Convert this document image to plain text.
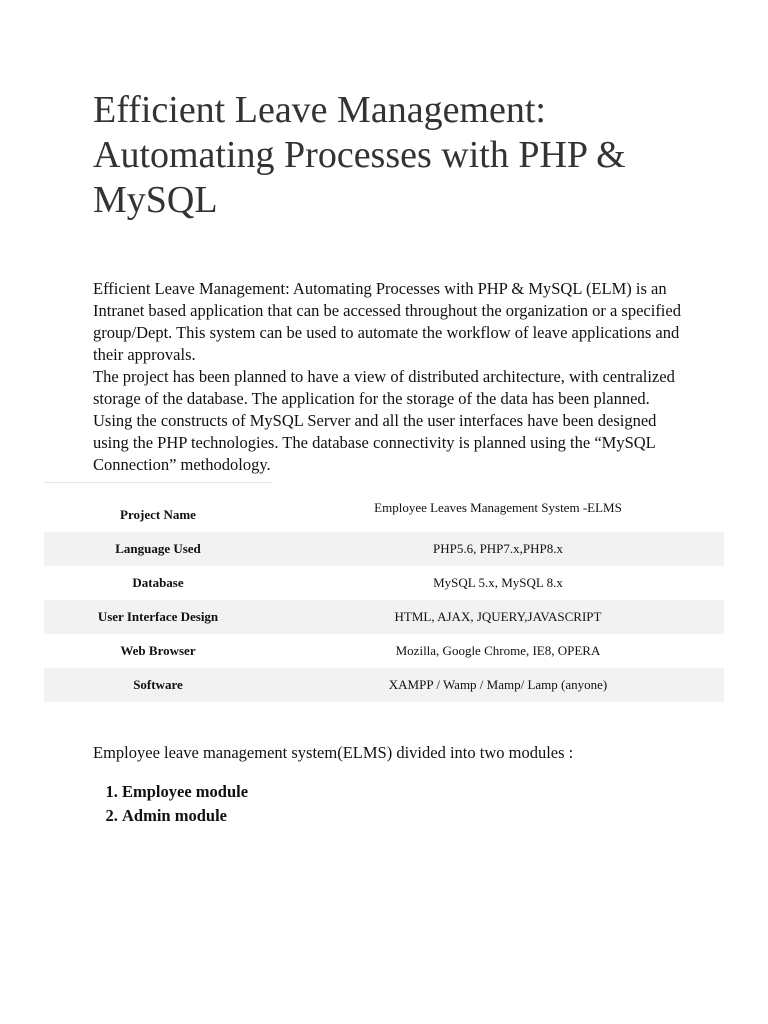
Efficient Leave Management: Automating Processes with PHP & MySQL

Efficient Leave Management: Automating Processes with PHP & MySQL (ELM) is an Intranet based application that can be accessed throughout the organization or a specified group/Dept. This system can be used to automate the workflow of leave applications and their approvals.

The project has been planned to have a view of distributed architecture, with centralized storage of the database. The application for the storage of the data has been planned. Using the constructs of MySQL Server and all the user interfaces have been designed using the PHP technologies. The database connectivity is planned using the “MySQL Connection” methodology.

Project Name	Employee Leaves Management System -ELMS
Language Used	PHP5.6, PHP7.x,PHP8.x
Database	MySQL 5.x, MySQL 8.x
User Interface Design	HTML, AJAX, JQUERY,JAVASCRIPT
Web Browser	Mozilla, Google Chrome, IE8, OPERA
Software	XAMPP / Wamp / Mamp/ Lamp (anyone)

Employee leave management system(ELMS) divided into two modules :

1. Employee module
2. Admin module
